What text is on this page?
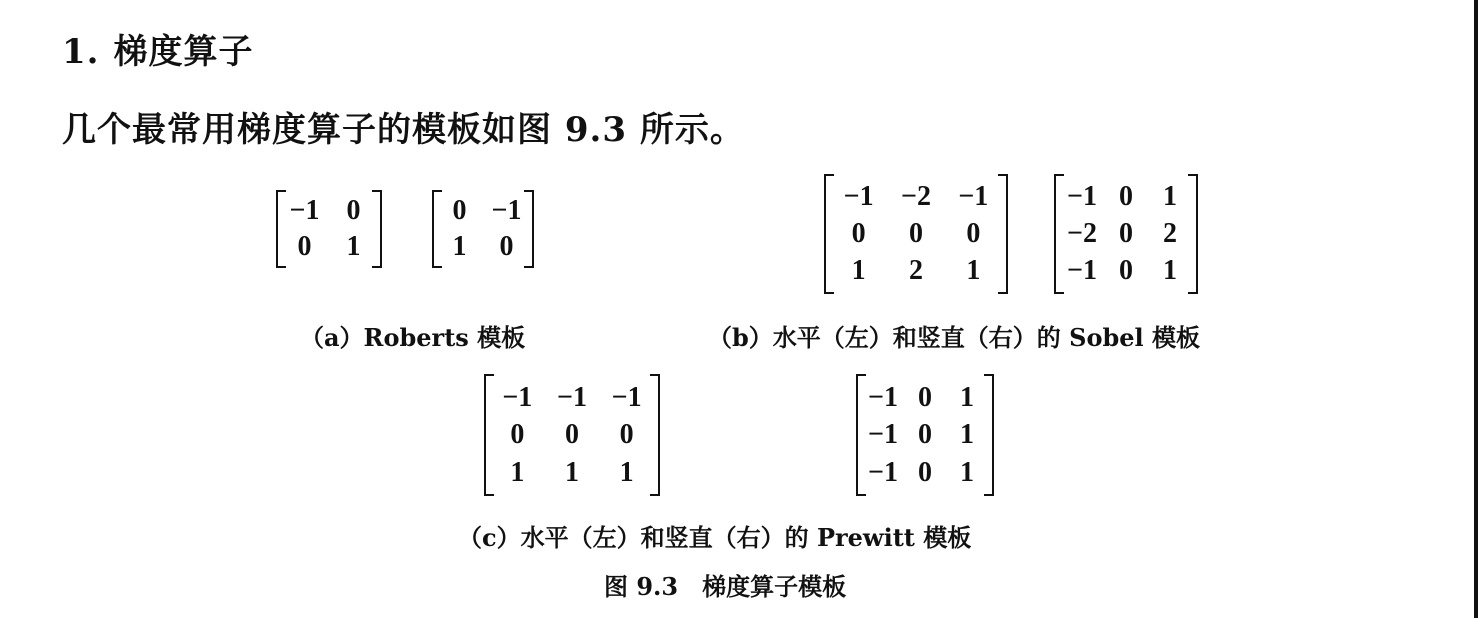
1. 梯度算子
几个最常用梯度算子的模板如图 9.3 所示。
−1 0
0	1
0 −1
1	0
−1 −2 −1
0	0	0
1	2	1
−1 0	1
−2 0	2
−1 0	1
（a）Roberts 模板	（b）水平（左）和竖直（右）的 Sobel 模板
−1 −1 −1
0	0	0
1	1	1
−1 0	1
−1 0	1
−1 0	1
（c）水平（左）和竖直（右）的 Prewitt 模板
图 9.3　梯度算子模板
